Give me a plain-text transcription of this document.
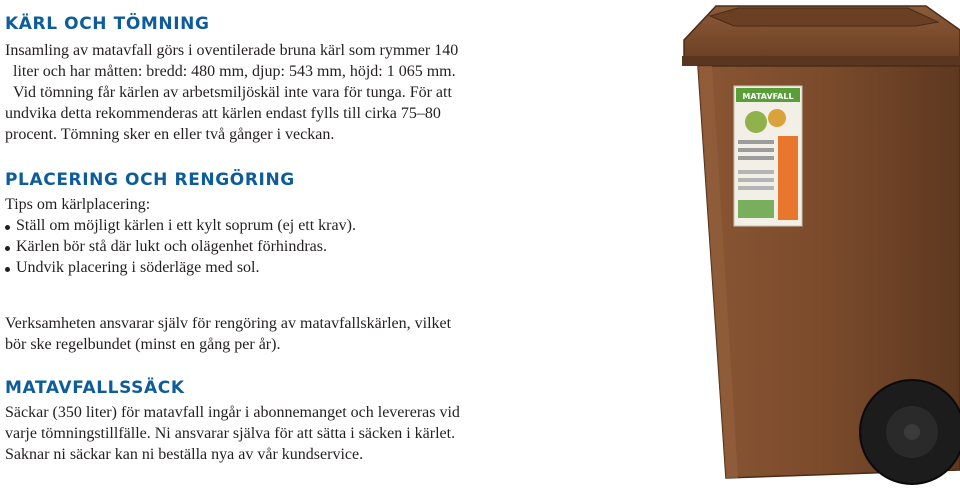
KÄRL OCH TÖMNING
Insamling av matavfall görs i oventilerade bruna kärl som rymmer 140
liter och har måtten: bredd: 480 mm, djup: 543 mm, höjd: 1 065 mm.
Vid tömning får kärlen av arbetsmiljöskäl inte vara för tunga. För att
undvika detta rekommenderas att kärlen endast fylls till cirka 75–80
procent. Tömning sker en eller två gånger i veckan.
PLACERING OCH RENGÖRING

Tips om kärlplacering:

Ställ om möjligt kärlen i ett kylt soprum (ej ett krav).
Kärlen bör stå där lukt och olägenhet förhindras.
Undvik placering i söderläge med sol.
Verksamheten ansvarar själv för rengöring av matavfallskärlen, vilket
bör ske regelbundet (minst en gång per år).
MATAVFALLSSÄCK
Säckar (350 liter) för matavfall ingår i abonnemanget och levereras vid
varje tömningstillfälle. Ni ansvarar själva för att sätta i säcken i kärlet.
Saknar ni säckar kan ni beställa nya av vår kundservice.
MATAVFALL
